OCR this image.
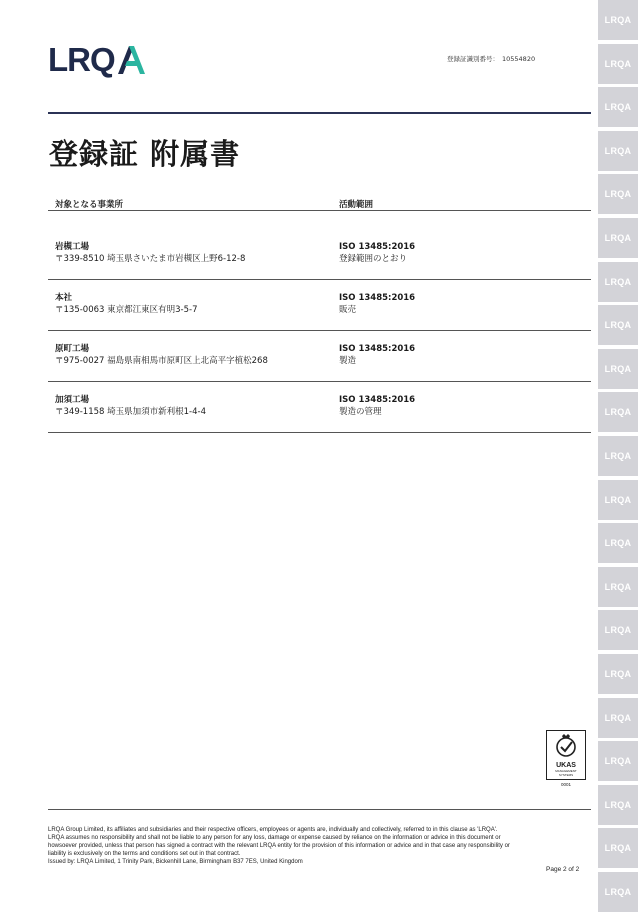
LRQA
LRQA
LRQA
LRQA
LRQA
LRQA
LRQA
LRQA
LRQA
LRQA
LRQA
LRQA
LRQA
LRQA
LRQA
LRQA
LRQA
LRQA
LRQA
LRQA
LRQA
LRQ	登録証識別番号： 10554820
登録証 附属書
対象となる事業所	活動範囲
岩槻工場
〒339-8510 埼玉県さいたま市岩槻区上野6-12-8
ISO 13485:2016
登録範囲のとおり
本社
〒135-0063 東京都江東区有明3-5-7
ISO 13485:2016
販売
原町工場
〒975-0027 福島県南相馬市原町区上北高平字植松268
ISO 13485:2016
製造
加須工場
〒349-1158 埼玉県加須市新利根1-4-4
ISO 13485:2016
製造の管理
UKAS
MANAGEMENT
SYSTEMS
0001

LRQA Group Limited, its affiliates and subsidiaries and their respective officers, employees or agents are, individually and collectively, referred to in this clause as 'LRQA'.

LRQA assumes no responsibility and shall not be liable to any person for any loss, damage or expense caused by reliance on the information or advice in this document or

howsoever provided, unless that person has signed a contract with the relevant LRQA entity for the provision of this information or advice and in that case any responsibility or

liability is exclusively on the terms and conditions set out in that contract.

Issued by: LRQA Limited, 1 Trinity Park, Bickenhill Lane, Birmingham B37 7ES, United Kingdom

Page 2 of 2
